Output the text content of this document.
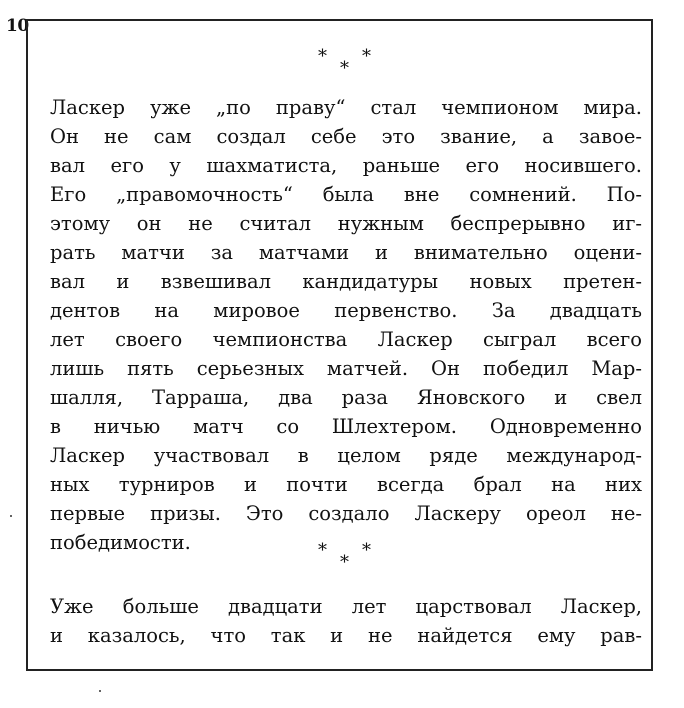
10
*
*
*
Ласкер уже „по праву“ стал чемпионом мира.
Он не сам создал себе это звание, а завое-
вал его у шахматиста, раньше его носившего.
Его „правомочность“ была вне сомнений. По-
этому он не считал нужным беспрерывно иг-
рать матчи за матчами и внимательно оцени-
вал и взвешивал кандидатуры новых претен-
дентов на мировое первенство. За двадцать
лет своего чемпионства Ласкер сыграл всего
лишь пять серьезных матчей. Он победил Мар-
шалля, Тарраша, два раза Яновского и свел
в ничью матч со Шлехтером. Одновременно
Ласкер участвовал в целом ряде международ-
ных турниров и почти всегда брал на них
первые призы. Это создало Ласкеру ореол не-
победимости.	*
*
*
Уже больше двадцати лет царствовал Ласкер,
и казалось, что так и не найдется ему рав-
